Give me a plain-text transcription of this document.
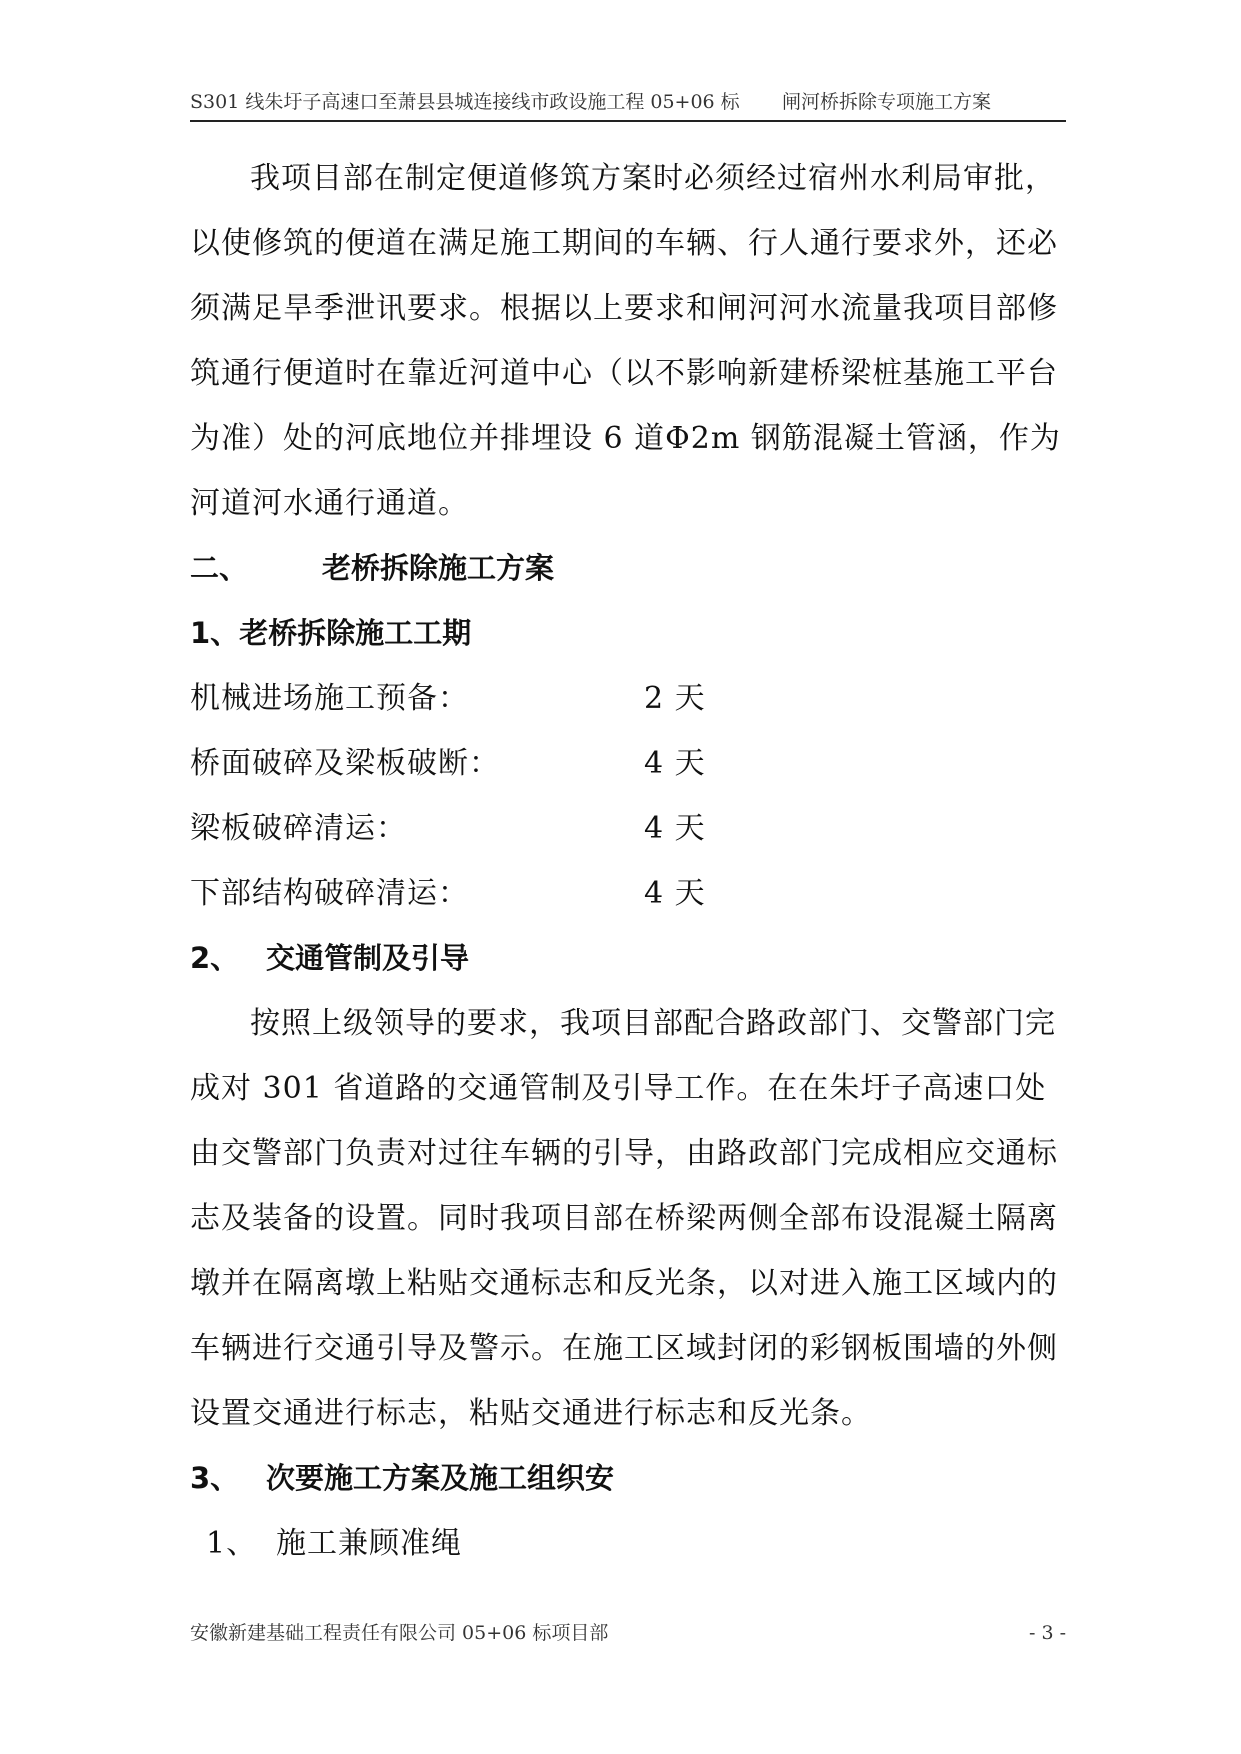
S301 线朱圩子高速口至萧县县城连接线市政设施工程 05+06 标 闸河桥拆除专项施工方案

我项目部在制定便道修筑方案时必须经过宿州水利局审批，以使修筑的便道在满足施工期间的车辆、行人通行要求外，还必须满足旱季泄讯要求。根据以上要求和闸河河水流量我项目部修筑通行便道时在靠近河道中心（以不影响新建桥梁桩基施工平台为准）处的河底地位并排埋设 6 道Φ2m 钢筋混凝土管涵，作为河道河水通行通道。

二、	老桥拆除施工方案

1、老桥拆除施工工期

机械进场施工预备：	2 天
桥面破碎及梁板破断：	4 天
梁板破碎清运：	4 天
下部结构破碎清运：	4 天

2、 交通管制及引导

按照上级领导的要求，我项目部配合路政部门、交警部门完成对 301 省道路的交通管制及引导工作。在在朱圩子高速口处由交警部门负责对过往车辆的引导，由路政部门完成相应交通标志及装备的设置。同时我项目部在桥梁两侧全部布设混凝土隔离墩并在隔离墩上粘贴交通标志和反光条，以对进入施工区域内的车辆进行交通引导及警示。在施工区域封闭的彩钢板围墙的外侧设置交通进行标志，粘贴交通进行标志和反光条。

3、 次要施工方案及施工组织安

1、 施工兼顾准绳

安徽新建基础工程责任有限公司 05+06 标项目部	- 3 -
